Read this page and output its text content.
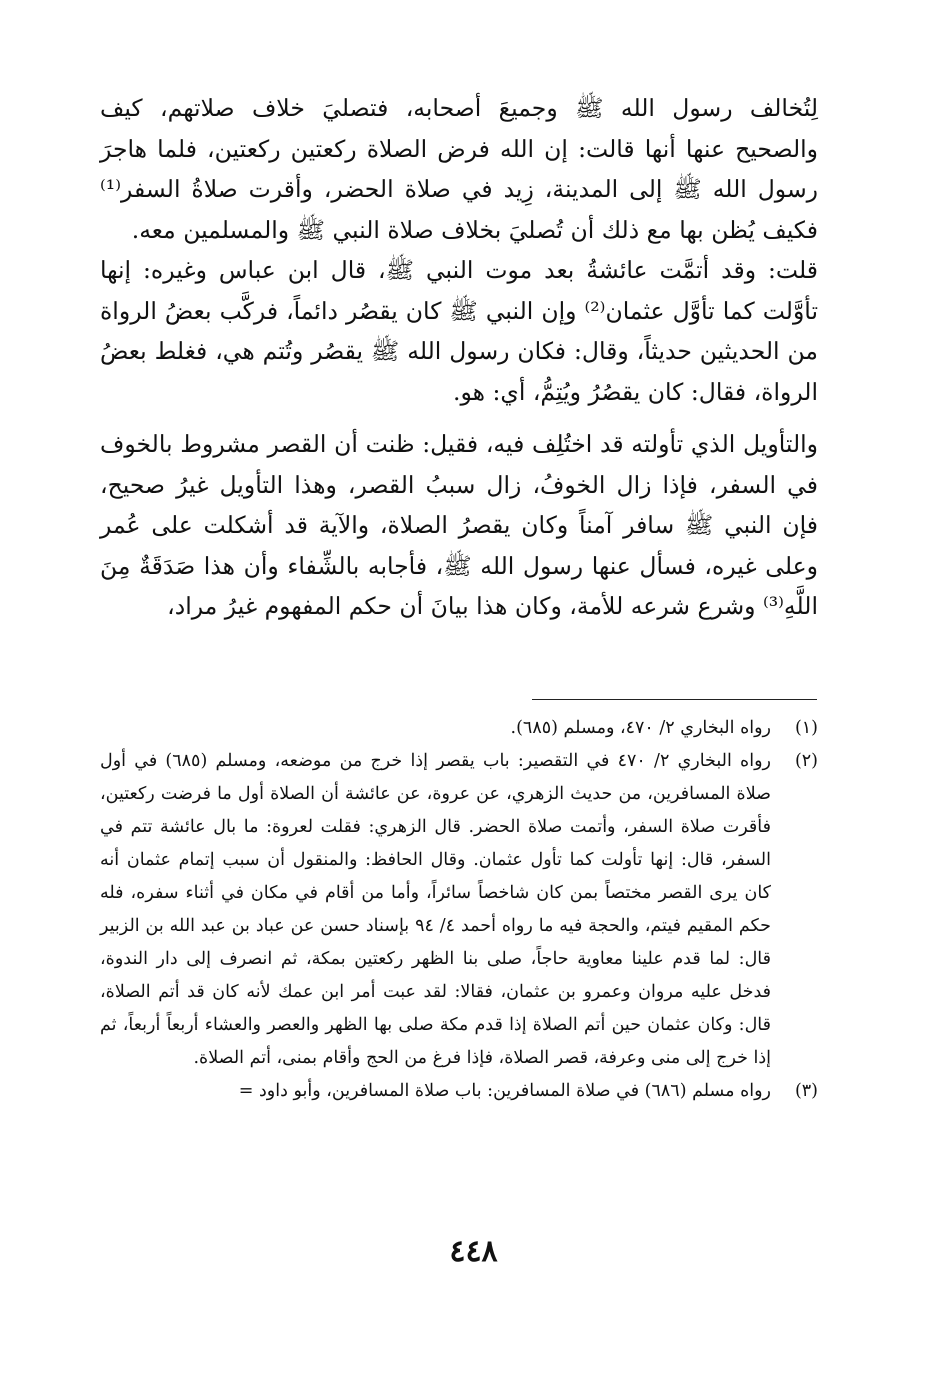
لِتُخالف رسول الله ﷺ وجميعَ أصحابه، فتصليَ خلاف صلاتهم، كيف والصحيح عنها أنها قالت: إن الله فرض الصلاة ركعتين ركعتين، فلما هاجرَ رسول الله ﷺ إلى المدينة، زِيد في صلاة الحضر، وأقرت صلاةُ السفر⁽¹⁾ فكيف يُظن بها مع ذلك أن تُصليَ بخلاف صلاة النبي ﷺ والمسلمين معه.
قلت: وقد أتمَّت عائشةُ بعد موت النبي ﷺ، قال ابن عباس وغيره: إنها تأوَّلت كما تأوَّل عثمان⁽²⁾ وإن النبي ﷺ كان يقصُر دائماً، فركَّب بعضُ الرواة من الحديثين حديثاً، وقال: فكان رسول الله ﷺ يقصُر وتُتم هي، فغلط بعضُ الرواة، فقال: كان يقصُرُ ويُتِمُّ، أي: هو.
والتأويل الذي تأولته قد اختُلِف فيه، فقيل: ظنت أن القصر مشروط بالخوف في السفر، فإذا زال الخوفُ، زال سببُ القصر، وهذا التأويل غيرُ صحيح، فإن النبي ﷺ سافر آمناً وكان يقصرُ الصلاة، والآية قد أشكلت على عُمر وعلى غيره، فسأل عنها رسول الله ﷺ، فأجابه بالشِّفاء وأن هذا صَدَقَةٌ مِنَ اللَّهِ⁽³⁾ وشرع شرعه للأمة، وكان هذا بيانَ أن حكم المفهوم غيرُ مراد،
(١)
رواه البخاري ٢/ ٤٧٠، ومسلم (٦٨٥).
(٢)
رواه البخاري ٢/ ٤٧٠ في التقصير: باب يقصر إذا خرج من موضعه، ومسلم (٦٨٥) في أول صلاة المسافرين، من حديث الزهري، عن عروة، عن عائشة أن الصلاة أول ما فرضت ركعتين، فأقرت صلاة السفر، وأتمت صلاة الحضر. قال الزهري: فقلت لعروة: ما بال عائشة تتم في السفر، قال: إنها تأولت كما تأول عثمان. وقال الحافظ: والمنقول أن سبب إتمام عثمان أنه كان يرى القصر مختصاً بمن كان شاخصاً سائراً، وأما من أقام في مكان في أثناء سفره، فله حكم المقيم فيتم، والحجة فيه ما رواه أحمد ٤/ ٩٤ بإسناد حسن عن عباد بن عبد الله بن الزبير قال: لما قدم علينا معاوية حاجاً، صلى بنا الظهر ركعتين بمكة، ثم انصرف إلى دار الندوة، فدخل عليه مروان وعمرو بن عثمان، فقالا: لقد عبت أمر ابن عمك لأنه كان قد أتم الصلاة، قال: وكان عثمان حين أتم الصلاة إذا قدم مكة صلى بها الظهر والعصر والعشاء أربعاً أربعاً، ثم إذا خرج إلى منى وعرفة، قصر الصلاة، فإذا فرغ من الحج وأقام بمنى، أتم الصلاة.
(٣)
رواه مسلم (٦٨٦) في صلاة المسافرين: باب صلاة المسافرين، وأبو داود =
٤٤٨
